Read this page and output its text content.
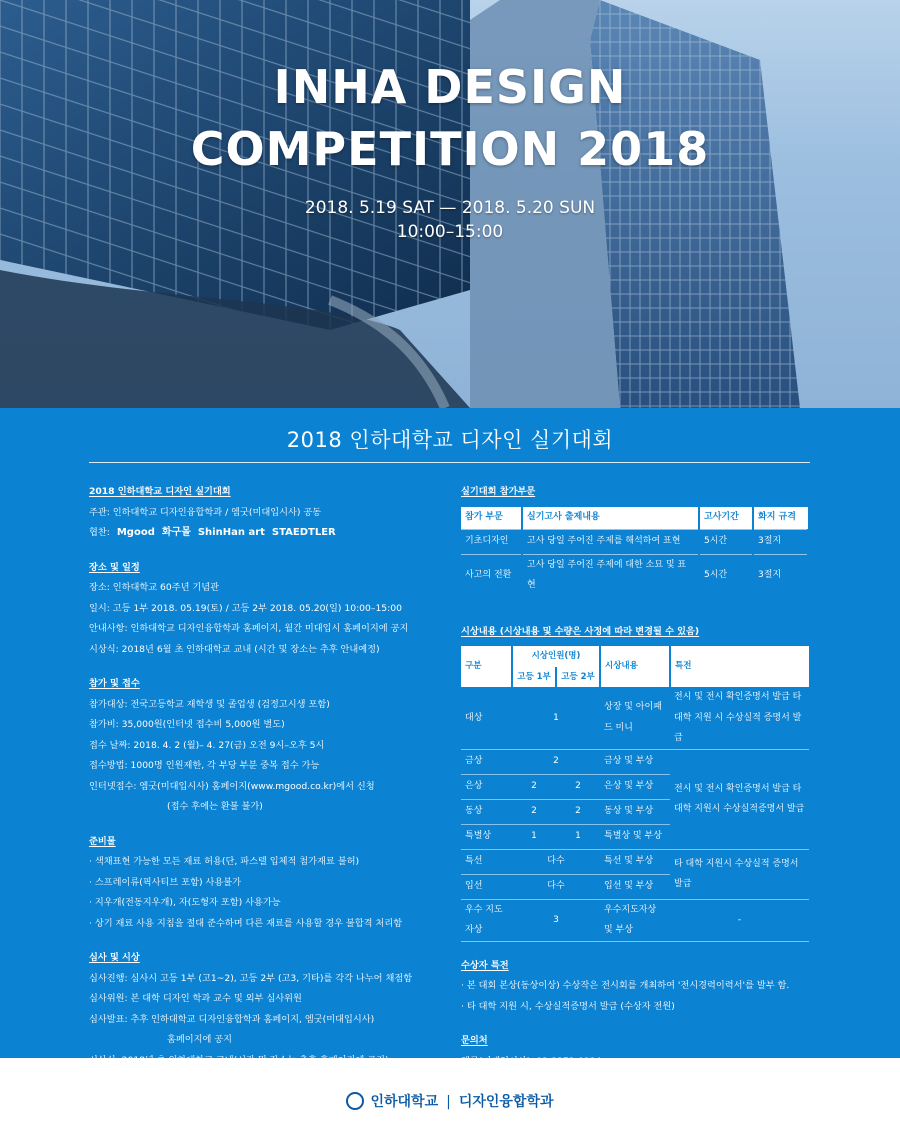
INHA DESIGN
COMPETITION 2018
2018. 5.19 SAT — 2018. 5.20 SUN
10:00–15:00
2018 인하대학교 디자인 실기대회
2018 인하대학교 디자인 실기대회
주관: 인하대학교 디자인융합학과 / 엠굿(미대입시사) 공동
협찬: Mgood 화구몰 ShinHan art STAEDTLER
장소 및 일정
장소: 인하대학교 60주년 기념관
일시: 고등 1부 2018. 05.19(토) / 고등 2부 2018. 05.20(일) 10:00–15:00
안내사항: 인하대학교 디자인융합학과 홈페이지, 월간 미대입시 홈페이지에 공지
시상식: 2018년 6월 초 인하대학교 교내 (시간 및 장소는 추후 안내예정)
참가 및 접수
참가대상: 전국고등학교 재학생 및 졸업생 (검정고시생 포함)
참가비: 35,000원(인터넷 접수비 5,000원 별도)
접수 날짜: 2018. 4. 2 (월)– 4. 27(금) 오전 9시–오후 5시
접수방법: 1000명 인원제한, 각 부당 부분 중복 접수 가능
인터넷접수: 엠굿(미대입시사) 홈페이지(www.mgood.co.kr)에서 신청
(접수 후에는 환불 불가)
준비물
· 색채표현 가능한 모든 재료 허용(단, 파스텔 입체적 첨가재료 불허)
· 스프레이류(픽사티브 포함) 사용불가
· 지우개(전동지우개), 자(도형자 포함) 사용가능
· 상기 재료 사용 지침을 절대 준수하며 다른 재료를 사용할 경우 불합격 처리함
심사 및 시상
심사진행: 심사시 고등 1부 (고1~2), 고등 2부 (고3, 기타)를 각각 나누어 채점함
심사위원: 본 대학 디자인 학과 교수 및 외부 심사위원
심사발표: 추후 인하대학교 디자인융합학과 홈페이지, 엠굿(미대입시사)
홈페이지에 공지
실기대회 참가부문
참가 부문	실기고사 출제내용	고사기간	화지 규격
기초디자인	고사 당일 주어진 주제를 해석하여 표현	5시간	3절지
사고의 전환	고사 당일 주어진 주제에 대한 소묘 및 표현	5시간	3절지
시상내용 (시상내용 및 수량은 사정에 따라 변경될 수 있음)
구분	시상인원(명)		시상내용	특전
	고등 1부	고등 2부		
대상	1		상장 및 아이패드 미니	전시 및 전시 확인증명서 발급 타 대학 지원 시 수상실적 증명서 발급
금상	2		금상 및 부상	전시 및 전시 확인증명서 발급 타 대학 지원시 수상실적증명서 발급
은상	2	2	은상 및 부상	
동상	2	2	동상 및 부상	
특별상	1	1	특별상 및 부상	
특선	다수		특선 및 부상	타 대학 지원시 수상실적 증명서 발급
입선	다수		입선 및 부상	
우수 지도자상	3		우수지도자상 및 부상	-
수상자 특전
· 본 대회 본상(동상이상) 수상작은 전시회를 개최하여 '전시경력이력서'를 발부 함.
· 타 대학 지원 시, 수상실적증명서 발급 (수상자 전원)
문의처
인하대학교 | 디자인융합학과
